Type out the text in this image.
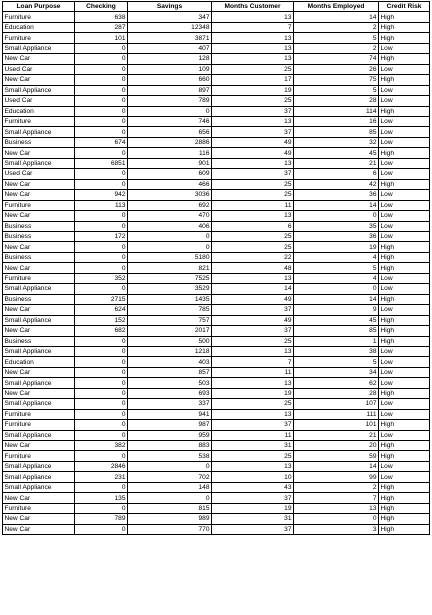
Loan Purpose	Checking	Savings	Months Customer	Months Employed	Credit Risk
Furniture	638	347	13	14	High
Education	287	12348	7	2	High
Furniture	101	3871	13	5	High
Small Appliance	0	407	13	2	Low
New Car	0	128	13	74	High
Used Car	0	109	25	26	Low
New Car	0	660	17	75	High
Small Appliance	0	897	19	5	Low
Used Car	0	789	25	28	Low
Education	0	0	37	114	High
Furniture	0	746	13	16	Low
Small Appliance	0	656	37	85	Low
Business	674	2886	49	32	Low
New Car	0	116	49	45	High
Small Appliance	6851	901	13	21	Low
Used Car	0	609	37	6	Low
New Car	0	466	25	42	High
New Car	942	3036	25	36	Low
Furniture	113	692	11	14	Low
New Car	0	470	13	0	Low
Business	0	406	6	35	Low
Business	172	0	25	36	Low
New Car	0	0	25	19	High
Business	0	5180	22	4	High
New Car	0	821	48	5	High
Furniture	352	7525	13	4	Low
Small Appliance	0	3529	14	0	Low
Business	2715	1435	49	14	High
New Car	624	785	37	9	Low
Small Appliance	152	757	49	45	High
New Car	682	2017	37	85	High
Business	0	500	25	1	High
Small Appliance	0	1218	13	38	Low
Education	0	403	7	5	Low
New Car	0	857	11	34	Low
Small Appliance	0	503	13	62	Low
New Car	0	693	19	28	High
Small Appliance	0	337	25	107	Low
Furniture	0	941	13	111	Low
Furniture	0	987	37	101	High
Small Appliance	0	959	11	21	Low
New Car	382	883	31	20	High
Furniture	0	538	25	59	High
Small Appliance	2846	0	13	14	Low
Small Appliance	231	702	10	99	Low
Small Appliance	0	148	43	2	High
New Car	135	0	37	7	High
Furniture	0	815	19	13	High
New Car	789	989	31	0	High
New Car	0	770	37	3	High
